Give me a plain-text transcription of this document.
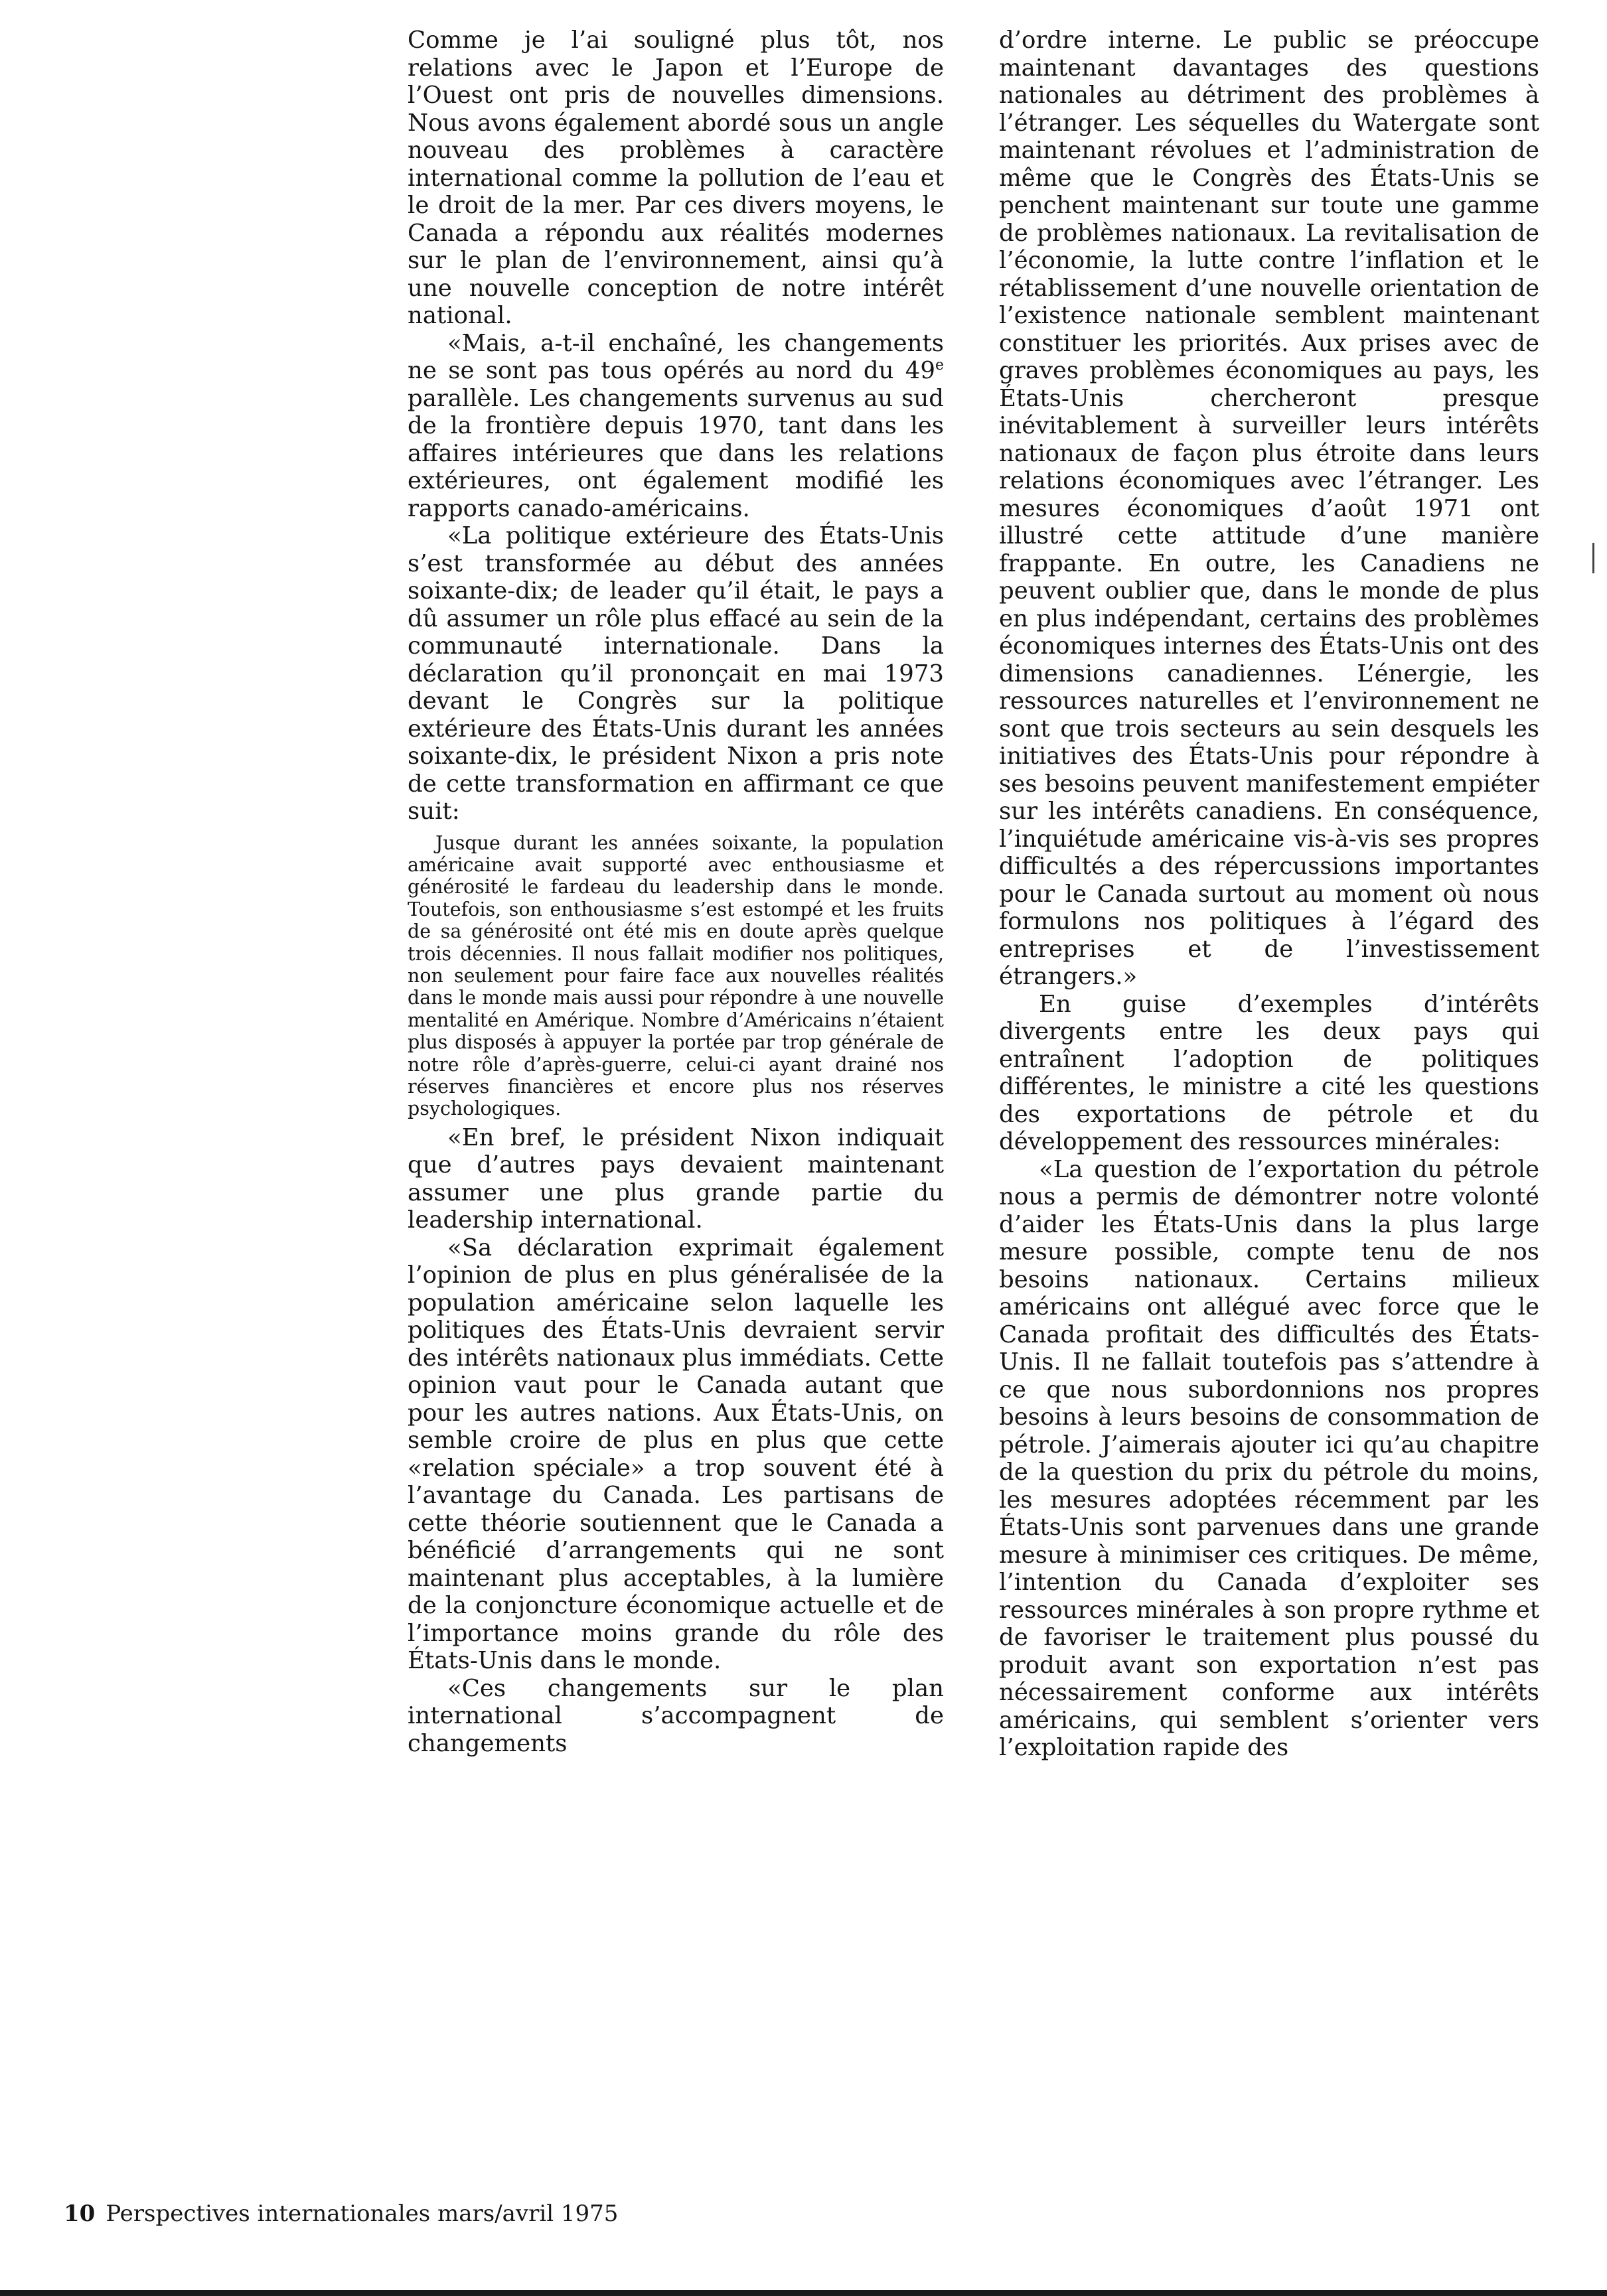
Comme je l’ai souligné plus tôt, nos relations avec le Japon et l’Europe de l’Ouest ont pris de nouvelles dimensions. Nous avons également abordé sous un angle nouveau des problèmes à caractère international comme la pollution de l’eau et le droit de la mer. Par ces divers moyens, le Canada a répondu aux réalités modernes sur le plan de l’environnement, ainsi qu’à une nouvelle conception de notre intérêt national.

«Mais, a-t-il enchaîné, les changements ne se sont pas tous opérés au nord du 49e parallèle. Les changements survenus au sud de la frontière depuis 1970, tant dans les affaires intérieures que dans les relations extérieures, ont également modifié les rapports canado-américains.

«La politique extérieure des États-Unis s’est transformée au début des années soixante-dix; de leader qu’il était, le pays a dû assumer un rôle plus effacé au sein de la communauté internationale. Dans la déclaration qu’il prononçait en mai 1973 devant le Congrès sur la politique extérieure des États-Unis durant les années soixante-dix, le président Nixon a pris note de cette transformation en affirmant ce que suit:

Jusque durant les années soixante, la population américaine avait supporté avec enthousiasme et générosité le fardeau du leadership dans le monde. Toutefois, son enthousiasme s’est estompé et les fruits de sa générosité ont été mis en doute après quelque trois décennies. Il nous fallait modifier nos politiques, non seulement pour faire face aux nouvelles réalités dans le monde mais aussi pour répondre à une nouvelle mentalité en Amérique. Nombre d’Américains n’étaient plus disposés à appuyer la portée par trop générale de notre rôle d’après-guerre, celui-ci ayant drainé nos réserves financières et encore plus nos réserves psychologiques.

«En bref, le président Nixon indiquait que d’autres pays devaient maintenant assumer une plus grande partie du leadership international.

«Sa déclaration exprimait également l’opinion de plus en plus généralisée de la population américaine selon laquelle les politiques des États-Unis devraient servir des intérêts nationaux plus immédiats. Cette opinion vaut pour le Canada autant que pour les autres nations. Aux États-Unis, on semble croire de plus en plus que cette «relation spéciale» a trop souvent été à l’avantage du Canada. Les partisans de cette théorie soutiennent que le Canada a bénéficié d’arrangements qui ne sont maintenant plus acceptables, à la lumière de la conjoncture économique actuelle et de l’importance moins grande du rôle des États-Unis dans le monde.

«Ces changements sur le plan international s’accompagnent de changements

d’ordre interne. Le public se préoccupe maintenant davantages des questions nationales au détriment des problèmes à l’étranger. Les séquelles du Watergate sont maintenant révolues et l’administration de même que le Congrès des États-Unis se penchent maintenant sur toute une gamme de problèmes nationaux. La revitalisation de l’économie, la lutte contre l’inflation et le rétablissement d’une nouvelle orientation de l’existence nationale semblent maintenant constituer les priorités. Aux prises avec de graves problèmes économiques au pays, les États-Unis chercheront presque inévitablement à surveiller leurs intérêts nationaux de façon plus étroite dans leurs relations économiques avec l’étranger. Les mesures économiques d’août 1971 ont illustré cette attitude d’une manière frappante. En outre, les Canadiens ne peuvent oublier que, dans le monde de plus en plus indépendant, certains des problèmes économiques internes des États-Unis ont des dimensions canadiennes. L’énergie, les ressources naturelles et l’environnement ne sont que trois secteurs au sein desquels les initiatives des États-Unis pour répondre à ses besoins peuvent manifestement empiéter sur les intérêts canadiens. En conséquence, l’inquiétude américaine vis-à-vis ses propres difficultés a des répercussions importantes pour le Canada surtout au moment où nous formulons nos politiques à l’égard des entreprises et de l’investissement étrangers.»

En guise d’exemples d’intérêts divergents entre les deux pays qui entraînent l’adoption de politiques différentes, le ministre a cité les questions des exportations de pétrole et du développement des ressources minérales:

«La question de l’exportation du pétrole nous a permis de démontrer notre volonté d’aider les États-Unis dans la plus large mesure possible, compte tenu de nos besoins nationaux. Certains milieux américains ont allégué avec force que le Canada profitait des difficultés des États-Unis. Il ne fallait toutefois pas s’attendre à ce que nous subordonnions nos propres besoins à leurs besoins de consommation de pétrole. J’aimerais ajouter ici qu’au chapitre de la question du prix du pétrole du moins, les mesures adoptées récemment par les États-Unis sont parvenues dans une grande mesure à minimiser ces critiques. De même, l’intention du Canada d’exploiter ses ressources minérales à son propre rythme et de favoriser le traitement plus poussé du produit avant son exportation n’est pas nécessairement conforme aux intérêts américains, qui semblent s’orienter vers l’exploitation rapide des

10 Perspectives internationales mars/avril 1975
